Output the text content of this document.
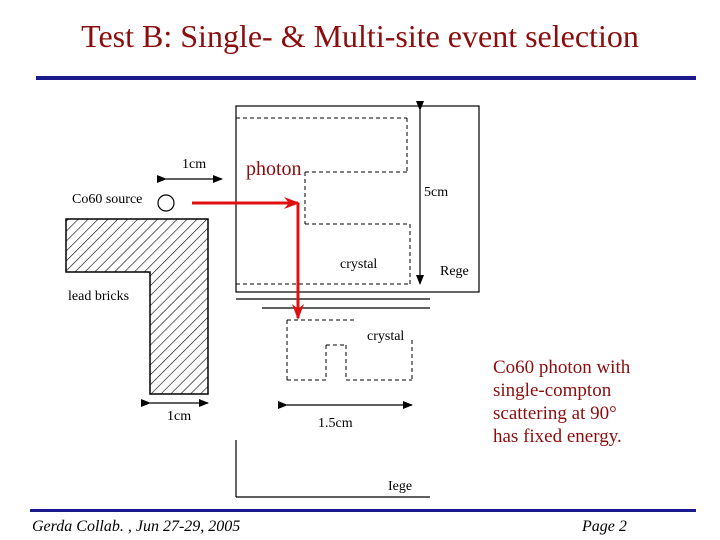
Test B: Single- & Multi-site event selection
lead bricks
1cm
Co60 source
1cm
5cm
crystal	Rege
crystal
1.5cm
Iege
photon
Co60 photon with
single-compton
scattering at 90°
has fixed energy.
Gerda Collab. , Jun 27-29, 2005	Page 2
